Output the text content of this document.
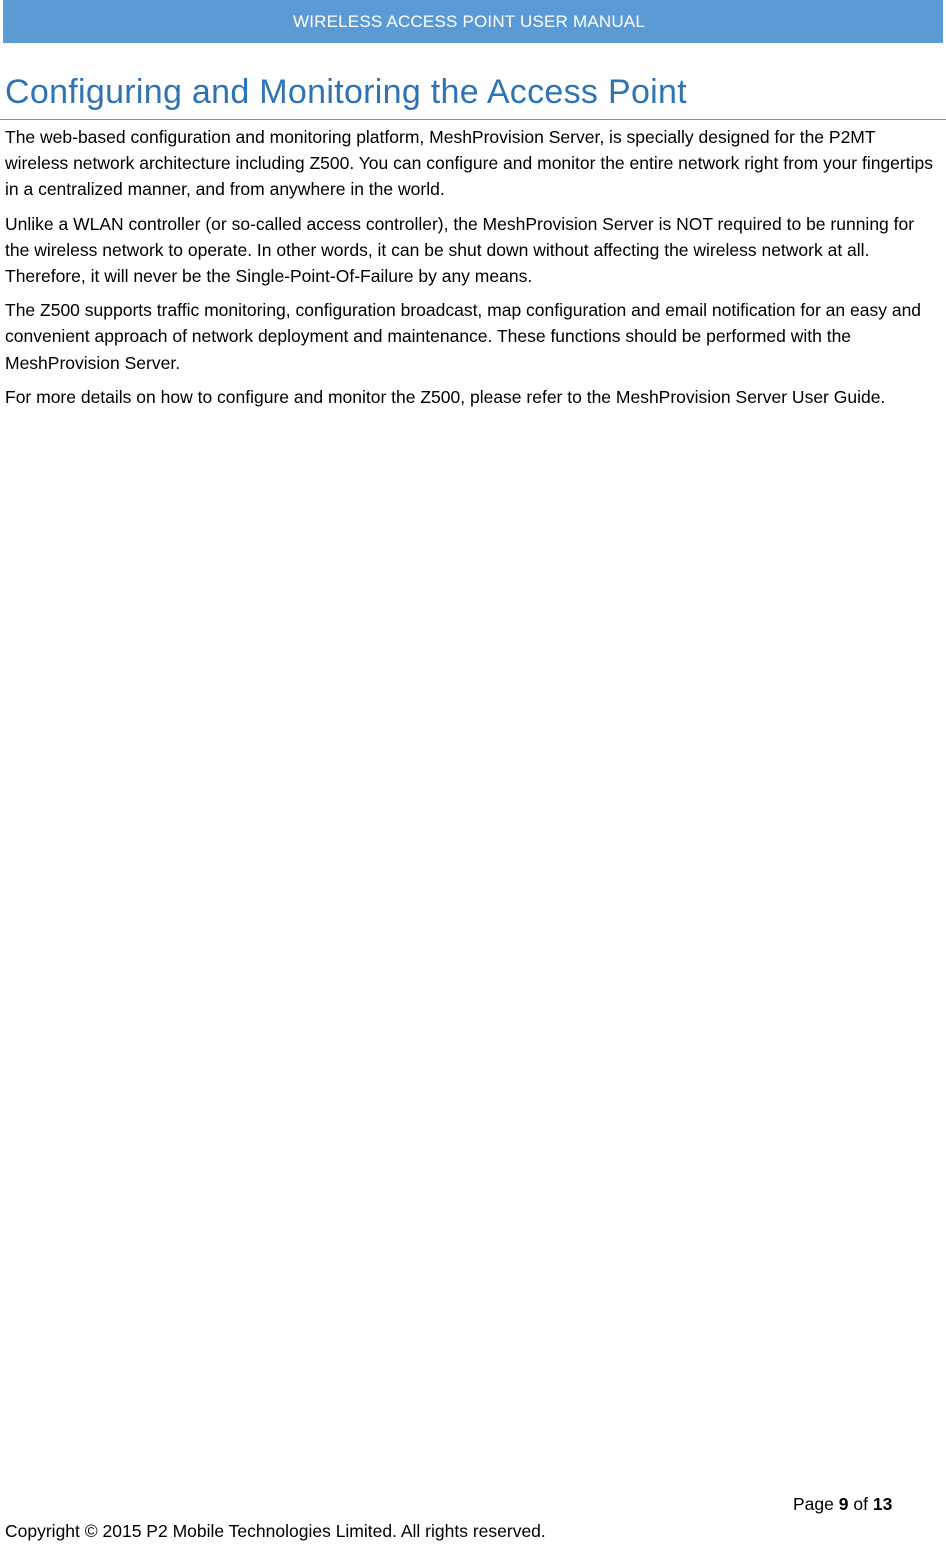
WIRELESS ACCESS POINT USER MANUAL
Configuring and Monitoring the Access Point

The web-based configuration and monitoring platform, MeshProvision Server, is specially designed for the P2MT wireless network architecture including Z500. You can configure and monitor the entire network right from your fingertips in a centralized manner, and from anywhere in the world.

Unlike a WLAN controller (or so-called access controller), the MeshProvision Server is NOT required to be running for the wireless network to operate. In other words, it can be shut down without affecting the wireless network at all. Therefore, it will never be the Single-Point-Of-Failure by any means.

The Z500 supports traffic monitoring, configuration broadcast, map configuration and email notification for an easy and convenient approach of network deployment and maintenance. These functions should be performed with the MeshProvision Server.

For more details on how to configure and monitor the Z500, please refer to the MeshProvision Server User Guide.

Page 9 of 13
Copyright © 2015 P2 Mobile Technologies Limited. All rights reserved.
